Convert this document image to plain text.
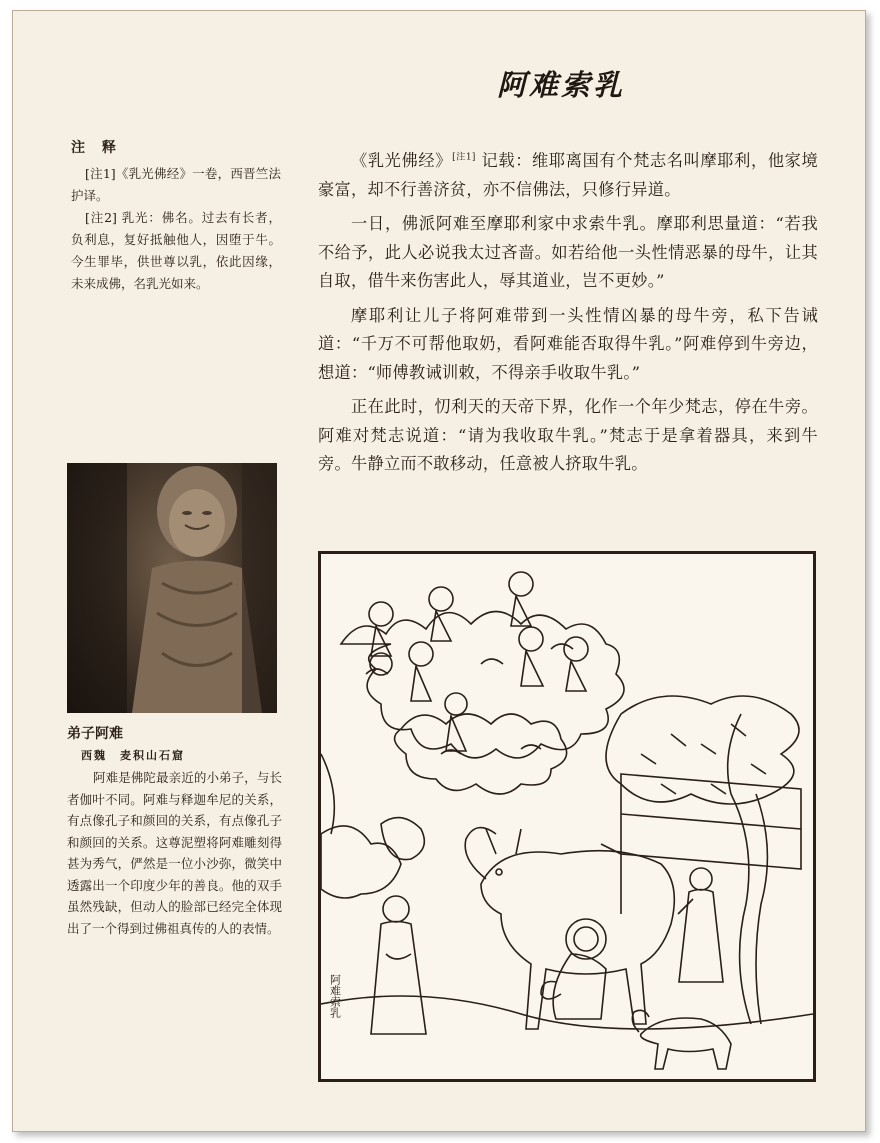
阿难索乳
注 释

[注1]《乳光佛经》一卷，西晋竺法护译。

[注2] 乳光：佛名。过去有长者，负利息，复好抵触他人，因堕于牛。今生罪毕，供世尊以乳，依此因缘，未来成佛，名乳光如来。

《乳光佛经》[注1] 记载：维耶离国有个梵志名叫摩耶利，他家境豪富，却不行善济贫，亦不信佛法，只修行异道。

一日，佛派阿难至摩耶利家中求索牛乳。摩耶利思量道：“若我不给予，此人必说我太过吝啬。如若给他一头性情恶暴的母牛，让其自取，借牛来伤害此人，辱其道业，岂不更妙。”

摩耶利让儿子将阿难带到一头性情凶暴的母牛旁，私下告诫道：“千万不可帮他取奶，看阿难能否取得牛乳。”阿难停到牛旁边，想道：“师傅教诫训敕，不得亲手收取牛乳。”

正在此时，忉利天的天帝下界，化作一个年少梵志，停在牛旁。阿难对梵志说道：“请为我收取牛乳。”梵志于是拿着器具，来到牛旁。牛静立而不敢移动，任意被人挤取牛乳。

弟子阿难
西魏　麦积山石窟

阿难是佛陀最亲近的小弟子，与长者伽叶不同。阿难与释迦牟尼的关系，有点像孔子和颜回的关系，有点像孔子和颜回的关系。这尊泥塑将阿难雕刻得甚为秀气，俨然是一位小沙弥，微笑中透露出一个印度少年的善良。他的双手虽然残缺，但动人的脸部已经完全体现出了一个得到过佛祖真传的人的表情。

阿难索乳
